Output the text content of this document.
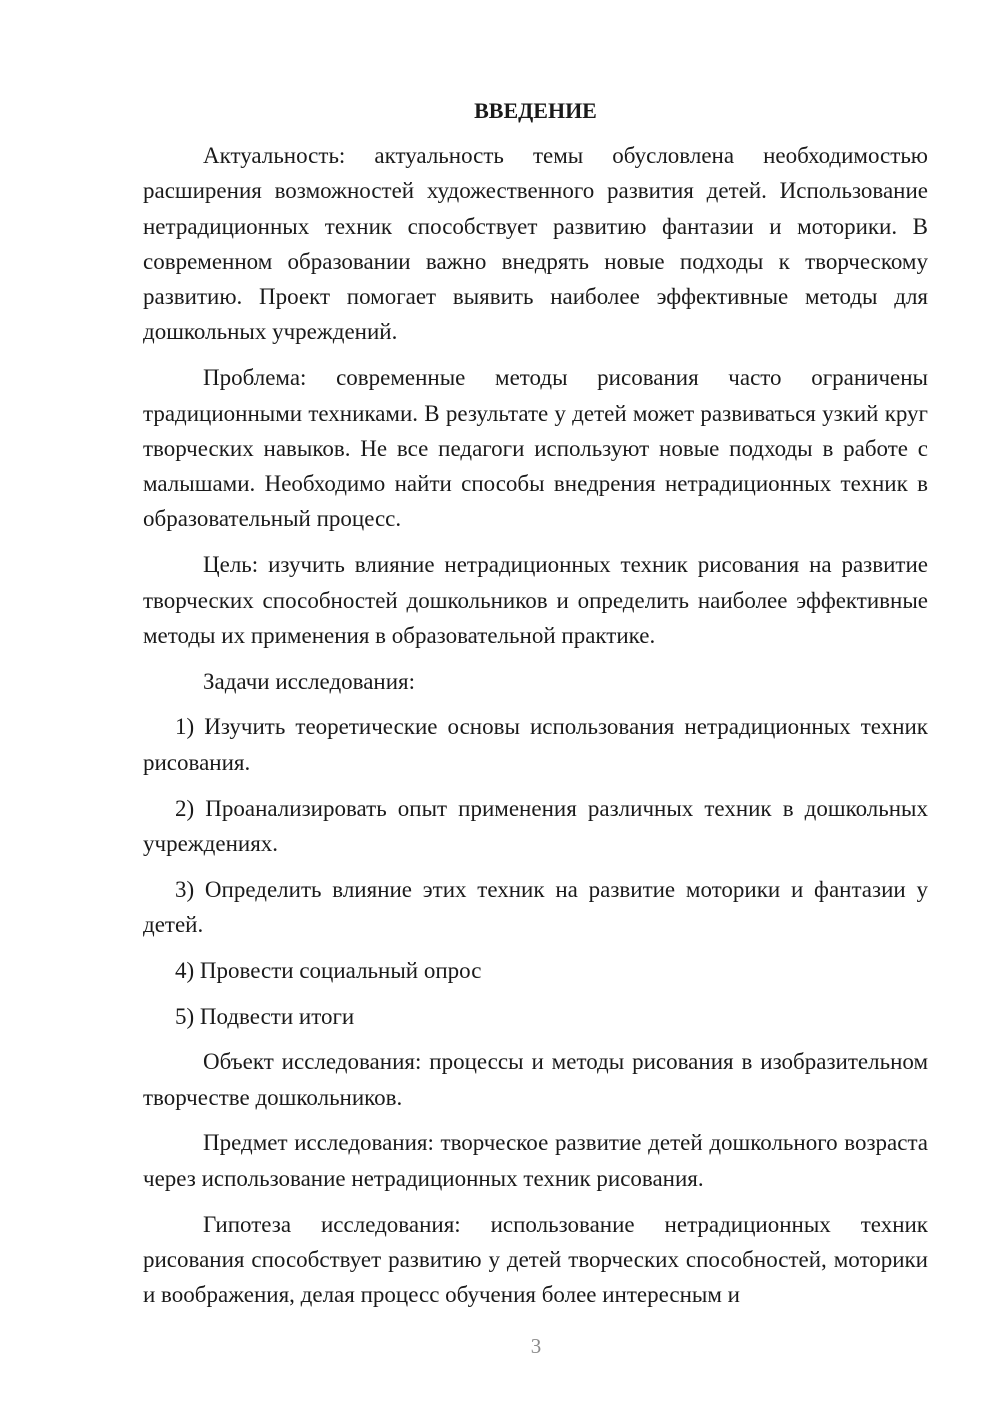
ВВЕДЕНИЕ

Актуальность: актуальность темы обусловлена необходимостью расширения возможностей художественного развития детей. Использование нетрадиционных техник способствует развитию фантазии и моторики. В современном образовании важно внедрять новые подходы к творческому развитию. Проект помогает выявить наиболее эффективные методы для дошкольных учреждений.

Проблема: современные методы рисования часто ограничены традиционными техниками. В результате у детей может развиваться узкий круг творческих навыков. Не все педагоги используют новые подходы в работе с малышами. Необходимо найти способы внедрения нетрадиционных техник в образовательный процесс.

Цель: изучить влияние нетрадиционных техник рисования на развитие творческих способностей дошкольников и определить наиболее эффективные методы их применения в образовательной практике.

Задачи исследования:

1) Изучить теоретические основы использования нетрадиционных техник рисования.

2) Проанализировать опыт применения различных техник в дошкольных учреждениях.

3) Определить влияние этих техник на развитие моторики и фантазии у детей.

4) Провести социальный опрос

5) Подвести итоги

Объект исследования: процессы и методы рисования в изобразительном творчестве дошкольников.

Предмет исследования: творческое развитие детей дошкольного возраста через использование нетрадиционных техник рисования.

Гипотеза исследования: использование нетрадиционных техник рисования способствует развитию у детей творческих способностей, моторики и воображения, делая процесс обучения более интересным и

3
